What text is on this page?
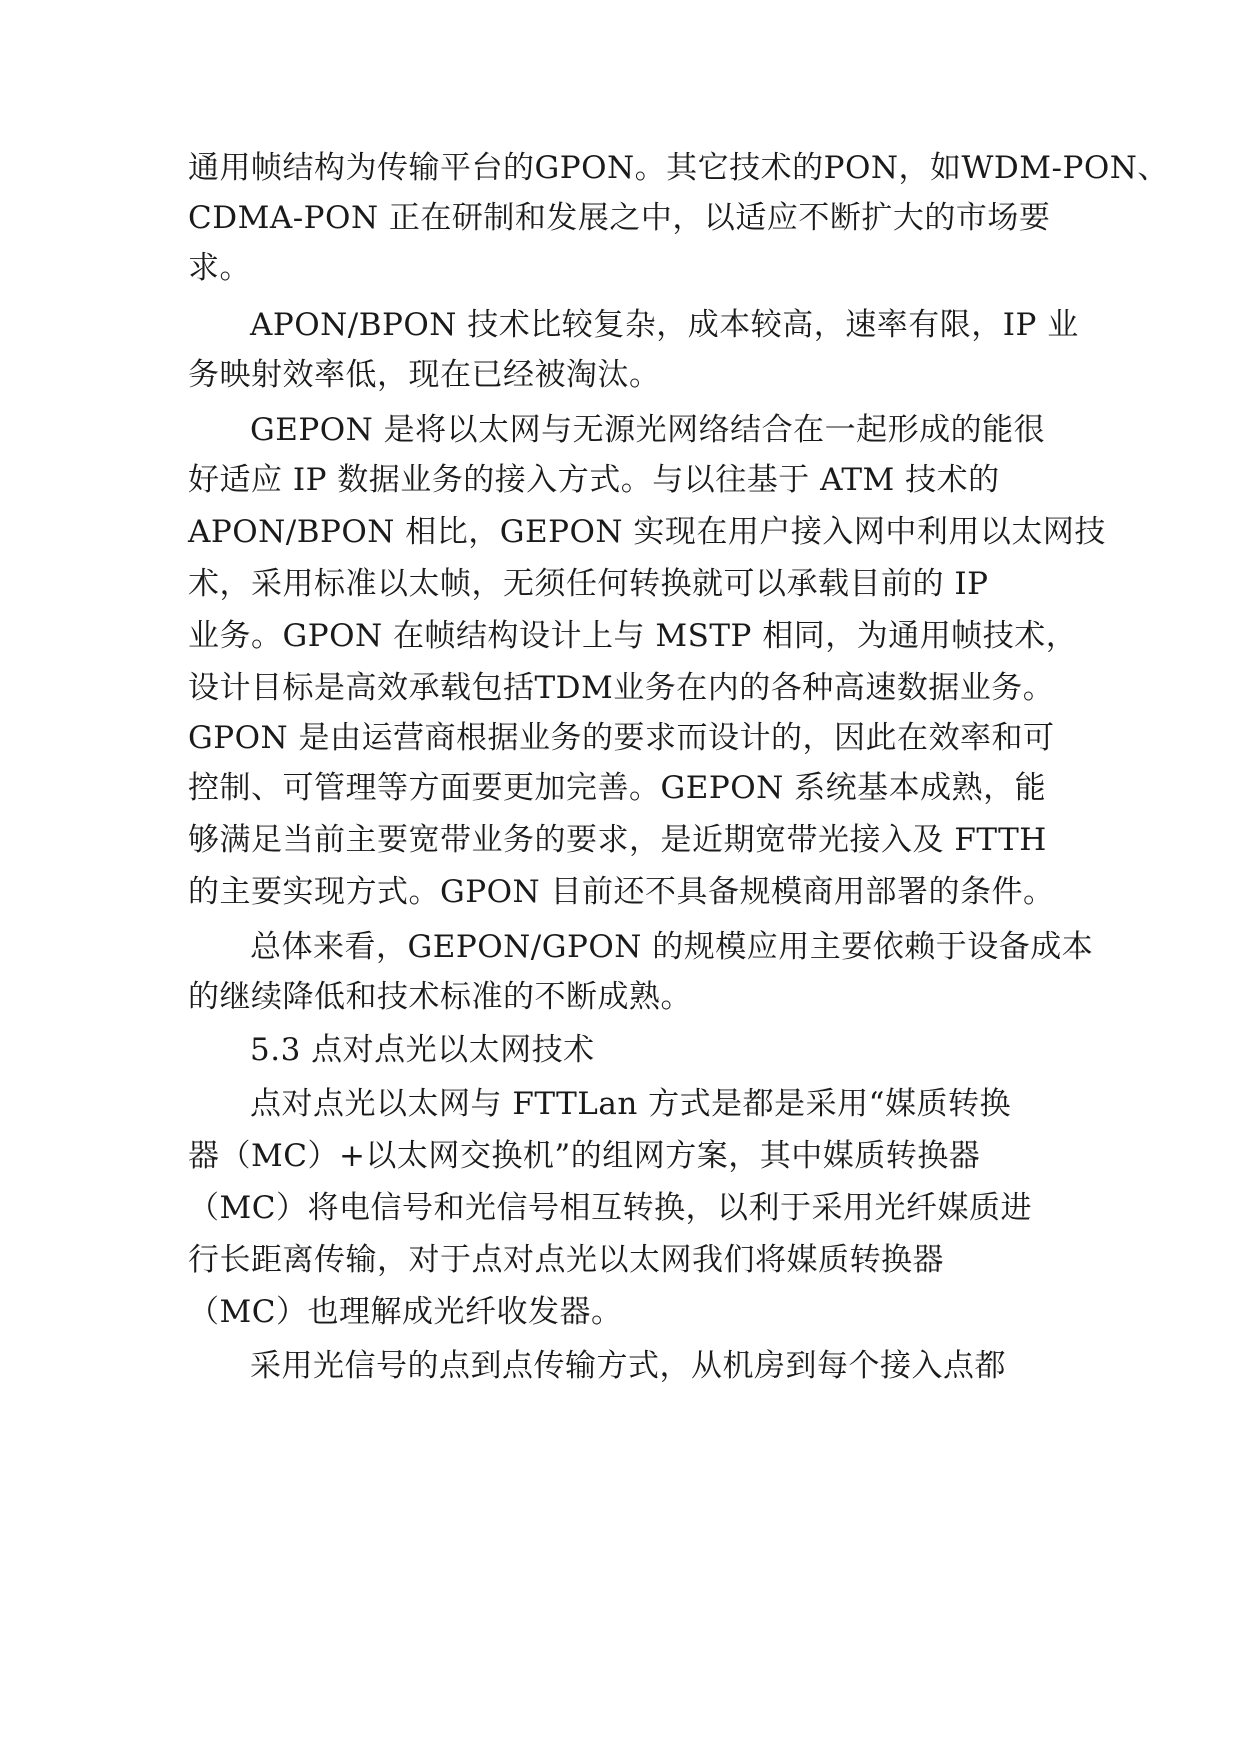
通用帧结构为传输平台的GPON。其它技术的PON，如WDM-PON、
CDMA-PON 正在研制和发展之中，以适应不断扩大的市场要
求。
APON/BPON 技术比较复杂，成本较高，速率有限，IP 业
务映射效率低，现在已经被淘汰。
GEPON 是将以太网与无源光网络结合在一起形成的能很
好适应 IP 数据业务的接入方式。与以往基于 ATM 技术的
APON/BPON 相比，GEPON 实现在用户接入网中利用以太网技
术，采用标准以太帧，无须任何转换就可以承载目前的 IP
业务。GPON 在帧结构设计上与 MSTP 相同，为通用帧技术，
设计目标是高效承载包括TDM业务在内的各种高速数据业务。
GPON 是由运营商根据业务的要求而设计的，因此在效率和可
控制、可管理等方面要更加完善。GEPON 系统基本成熟，能
够满足当前主要宽带业务的要求，是近期宽带光接入及 FTTH
的主要实现方式。GPON 目前还不具备规模商用部署的条件。
总体来看，GEPON/GPON 的规模应用主要依赖于设备成本
的继续降低和技术标准的不断成熟。
5.3 点对点光以太网技术
点对点光以太网与 FTTLan 方式是都是采用“媒质转换
器（MC）+以太网交换机”的组网方案，其中媒质转换器
（MC）将电信号和光信号相互转换，以利于采用光纤媒质进
行长距离传输，对于点对点光以太网我们将媒质转换器
（MC）也理解成光纤收发器。
采用光信号的点到点传输方式，从机房到每个接入点都
